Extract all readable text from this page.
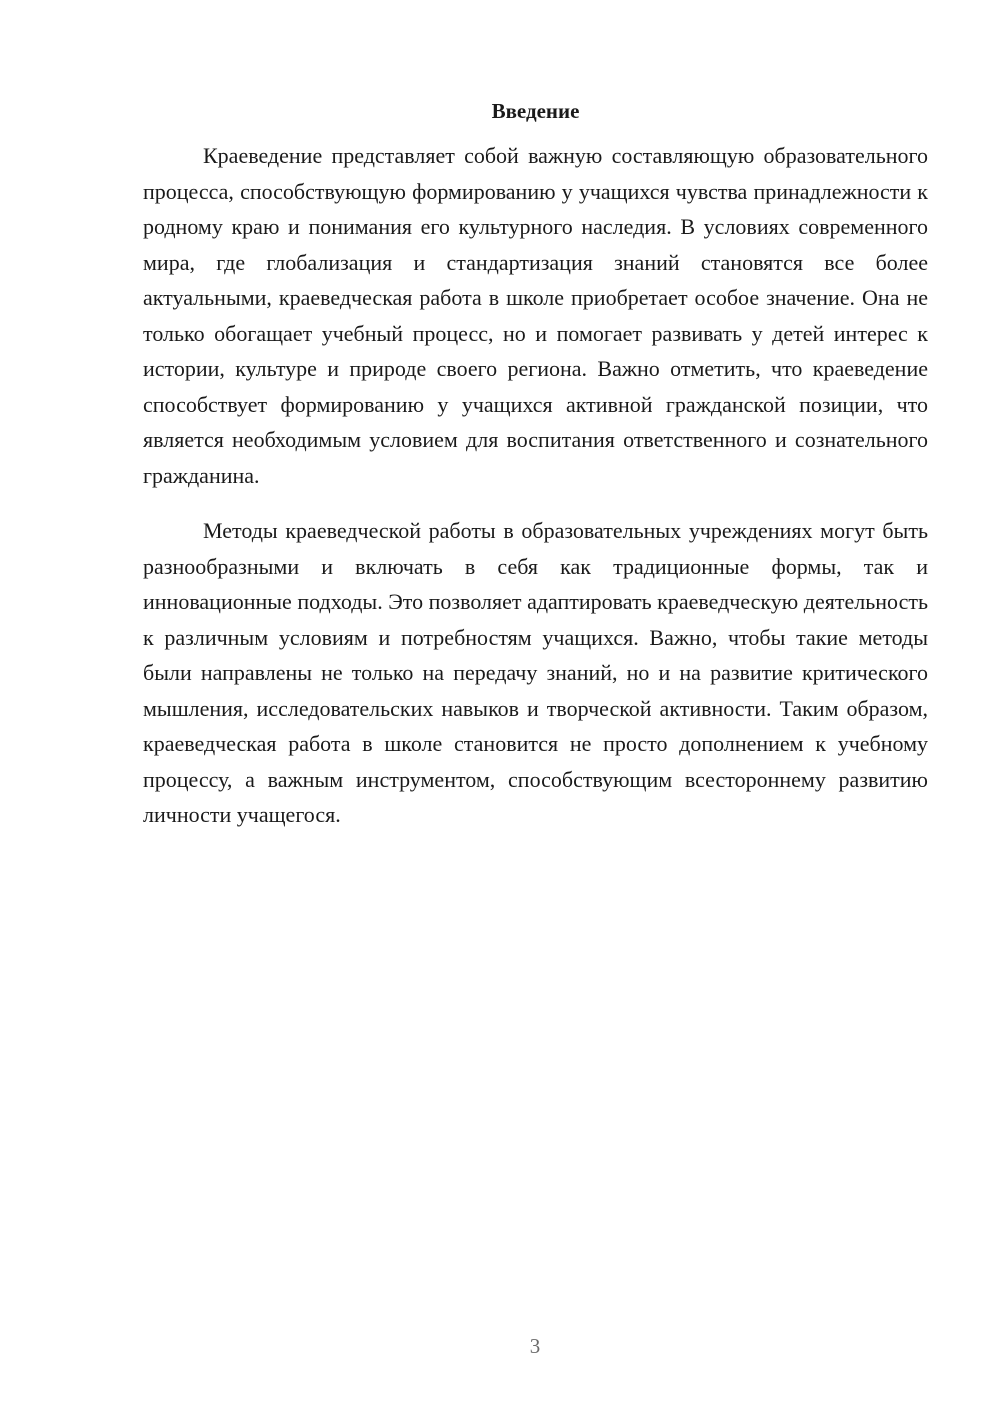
Введение

Краеведение представляет собой важную составляющую образовательного процесса, способствующую формированию у учащихся чувства принадлежности к родному краю и понимания его культурного наследия. В условиях современного мира, где глобализация и стандартизация знаний становятся все более актуальными, краеведческая работа в школе приобретает особое значение. Она не только обогащает учебный процесс, но и помогает развивать у детей интерес к истории, культуре и природе своего региона. Важно отметить, что краеведение способствует формированию у учащихся активной гражданской позиции, что является необходимым условием для воспитания ответственного и сознательного гражданина.

Методы краеведческой работы в образовательных учреждениях могут быть разнообразными и включать в себя как традиционные формы, так и инновационные подходы. Это позволяет адаптировать краеведческую деятельность к различным условиям и потребностям учащихся. Важно, чтобы такие методы были направлены не только на передачу знаний, но и на развитие критического мышления, исследовательских навыков и творческой активности. Таким образом, краеведческая работа в школе становится не просто дополнением к учебному процессу, а важным инструментом, способствующим всестороннему развитию личности учащегося.

3
